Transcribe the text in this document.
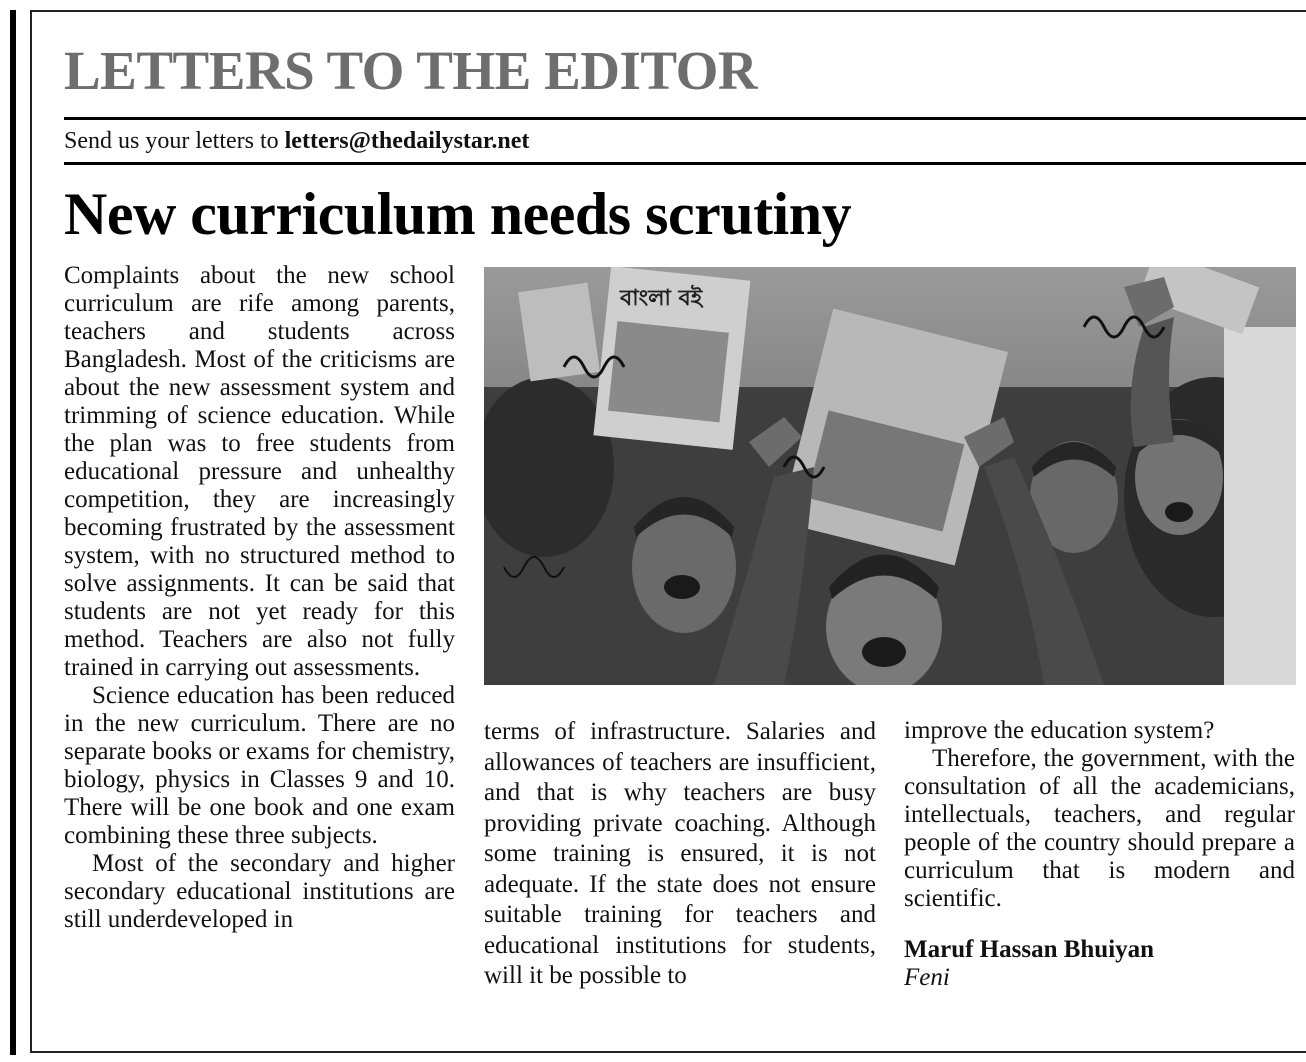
LETTERS TO THE EDITOR
Send us your letters to letters@thedailystar.net
New curriculum needs scrutiny

Complaints about the new school curriculum are rife among parents, teachers and students across Bangladesh. Most of the criticisms are about the new assessment system and trimming of science education. While the plan was to free students from educational pressure and unhealthy competition, they are increasingly becoming frustrated by the assessment system, with no structured method to solve assignments. It can be said that students are not yet ready for this method. Teachers are also not fully trained in carrying out assessments.

Science education has been reduced in the new curriculum. There are no separate books or exams for chemistry, biology, physics in Classes 9 and 10. There will be one book and one exam combining these three subjects.

Most of the secondary and higher secondary educational institutions are still underdeveloped in

বাংলা বই

terms of infrastructure. Salaries and allowances of teachers are insufficient, and that is why teachers are busy providing private coaching. Although some training is ensured, it is not adequate. If the state does not ensure suitable training for teachers and educational institutions for students, will it be possible to

improve the education system?

Therefore, the government, with the consultation of all the academicians, intellectuals, teachers, and regular people of the country should prepare a curriculum that is modern and scientific.

Maruf Hassan Bhuiyan

Feni
